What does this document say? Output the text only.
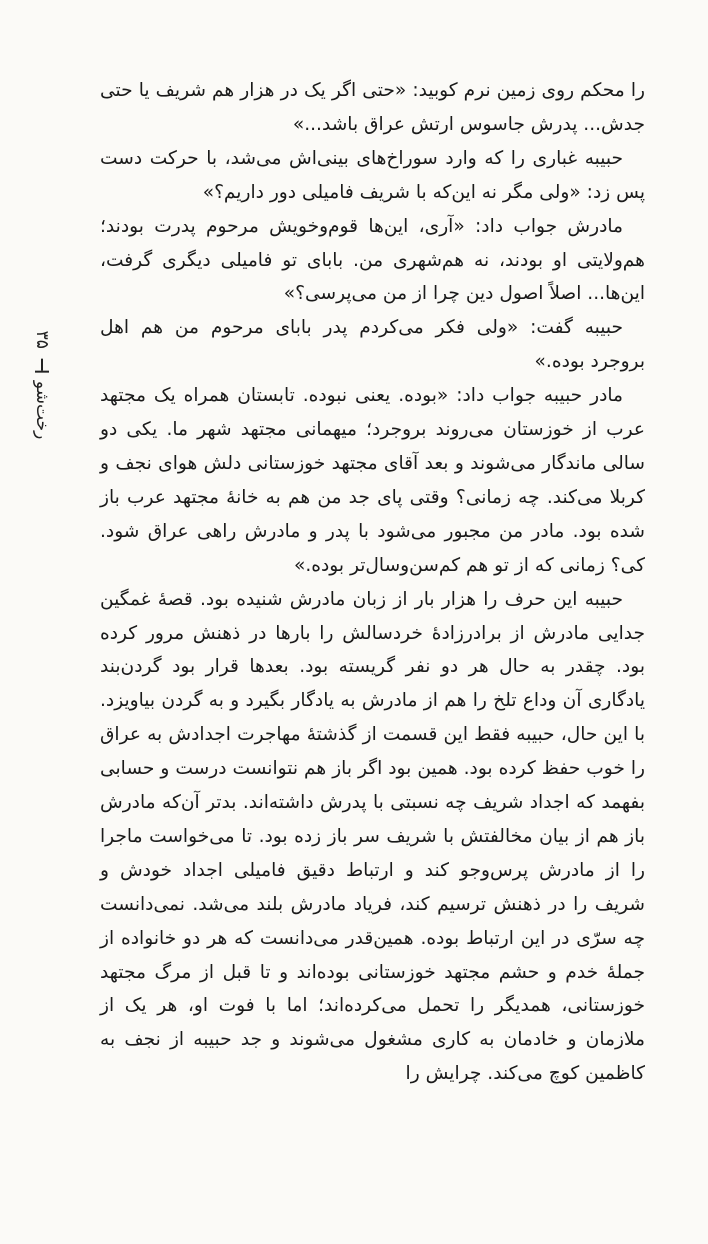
رخت‌شو
۳۵

را محکم روی زمین نرم کوبید: «حتی اگر یک در هزار هم شریف یا حتی جدش... پدرش جاسوس ارتش عراق باشد...»

حبیبه غباری را که وارد سوراخ‌های بینی‌اش می‌شد، با حرکت دست پس زد: «ولی مگر نه این‌که با شریف فامیلی دور داریم؟»

مادرش جواب داد: «آری، این‌ها قوم‌وخویش مرحوم پدرت بودند؛ هم‌ولایتی او بودند، نه هم‌شهری من. بابای تو فامیلی دیگری گرفت، این‌ها... اصلاً اصول دین چرا از من می‌پرسی؟»

حبیبه گفت: «ولی فکر می‌کردم پدر بابای مرحوم من هم اهل بروجرد بوده.»

مادر حبیبه جواب داد: «بوده. یعنی نبوده. تابستان همراه یک مجتهد عرب از خوزستان می‌روند بروجرد؛ میهمانی مجتهد شهر ما. یکی دو سالی ماندگار می‌شوند و بعد آقای مجتهد خوزستانی دلش هوای نجف و کربلا می‌کند. چه زمانی؟ وقتی پای جد من هم به خانهٔ مجتهد عرب باز شده بود. مادر من مجبور می‌شود با پدر و مادرش راهی عراق شود. کی؟ زمانی که از تو هم کم‌سن‌وسال‌تر بوده.»

حبیبه این حرف را هزار بار از زبان مادرش شنیده بود. قصهٔ غمگین جدایی مادرش از برادرزادهٔ خردسالش را بارها در ذهنش مرور کرده بود. چقدر به حال هر دو نفر گریسته بود. بعدها قرار بود گردن‌بند یادگاری آن وداع تلخ را هم از مادرش به یادگار بگیرد و به گردن بیاویزد. با این حال، حبیبه فقط این قسمت از گذشتهٔ مهاجرت اجدادش به عراق را خوب حفظ کرده بود. همین بود اگر باز هم نتوانست درست و حسابی بفهمد که اجداد شریف چه نسبتی با پدرش داشته‌اند. بدتر آن‌که مادرش باز هم از بیان مخالفتش با شریف سر باز زده بود. تا می‌خواست ماجرا را از مادرش پرس‌وجو کند و ارتباط دقیق فامیلی اجداد خودش و شریف را در ذهنش ترسیم کند، فریاد مادرش بلند می‌شد. نمی‌دانست چه سرّی در این ارتباط بوده. همین‌قدر می‌دانست که هر دو خانواده از جملهٔ خدم و حشم مجتهد خوزستانی بوده‌اند و تا قبل از مرگ مجتهد خوزستانی، همدیگر را تحمل می‌کرده‌اند؛ اما با فوت او، هر یک از ملازمان و خادمان به کاری مشغول می‌شوند و جد حبیبه از نجف به کاظمین کوچ می‌کند. چرایش را
